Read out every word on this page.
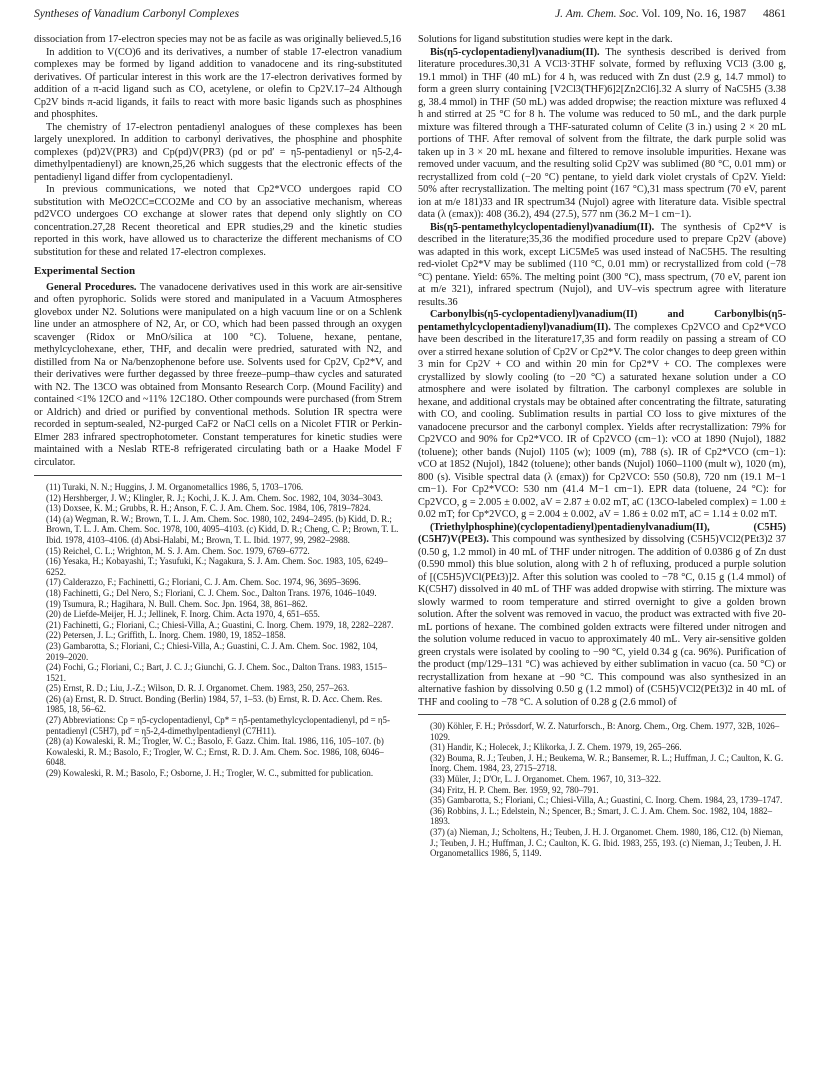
Syntheses of Vanadium Carbonyl Complexes	J. Am. Chem. Soc. Vol. 109, No. 16, 1987 4861

dissociation from 17-electron species may not be as facile as was originally believed.5,16

In addition to V(CO)6 and its derivatives, a number of stable 17-electron vanadium complexes may be formed by ligand addition to vanadocene and its ring-substituted derivatives. Of particular interest in this work are the 17-electron derivatives formed by addition of a π-acid ligand such as CO, acetylene, or olefin to Cp2V.17–24 Although Cp2V binds π-acid ligands, it fails to react with more basic ligands such as phosphines and phosphites.

The chemistry of 17-electron pentadienyl analogues of these complexes has been largely unexplored. In addition to carbonyl derivatives, the phosphine and phosphite complexes (pd)2V(PR3) and Cp(pd)V(PR3) (pd or pd′ = η5-pentadienyl or η5-2,4-dimethylpentadienyl) are known,25,26 which suggests that the electronic effects of the pentadienyl ligand differ from cyclopentadienyl.

In previous communications, we noted that Cp2*VCO undergoes rapid CO substitution with MeO2CC≡CCO2Me and CO by an associative mechanism, whereas pd2VCO undergoes CO exchange at slower rates that depend only slightly on CO concentration.27,28 Recent theoretical and EPR studies,29 and the kinetic studies reported in this work, have allowed us to characterize the different mechanisms of CO substitution for these and related 17-electron complexes.

Experimental Section

General Procedures. The vanadocene derivatives used in this work are air-sensitive and often pyrophoric. Solids were stored and manipulated in a Vacuum Atmospheres glovebox under N2. Solutions were manipulated on a high vacuum line or on a Schlenk line under an atmosphere of N2, Ar, or CO, which had been passed through an oxygen scavenger (Ridox or MnO/silica at 100 °C). Toluene, hexane, pentane, methylcyclohexane, ether, THF, and decalin were predried, saturated with N2, and distilled from Na or Na/benzophenone before use. Solvents used for Cp2V, Cp2*V, and their derivatives were further degassed by three freeze–pump–thaw cycles and saturated with N2. The 13CO was obtained from Monsanto Research Corp. (Mound Facility) and contained <1% 12CO and ~11% 12C18O. Other compounds were purchased (from Strem or Aldrich) and dried or purified by conventional methods. Solution IR spectra were recorded in septum-sealed, N2-purged CaF2 or NaCl cells on a Nicolet FTIR or Perkin-Elmer 283 infrared spectrophotometer. Constant temperatures for kinetic studies were maintained with a Neslab RTE-8 refrigerated circulating bath or a Haake Model F circulator.

(11) Turaki, N. N.; Huggins, J. M. Organometallics 1986, 5, 1703–1706.

(12) Hershberger, J. W.; Klingler, R. J.; Kochi, J. K. J. Am. Chem. Soc. 1982, 104, 3034–3043.

(13) Doxsee, K. M.; Grubbs, R. H.; Anson, F. C. J. Am. Chem. Soc. 1984, 106, 7819–7824.

(14) (a) Wegman, R. W.; Brown, T. L. J. Am. Chem. Soc. 1980, 102, 2494–2495. (b) Kidd, D. R.; Brown, T. L. J. Am. Chem. Soc. 1978, 100, 4095–4103. (c) Kidd, D. R.; Cheng, C. P.; Brown, T. L. Ibid. 1978, 4103–4106. (d) Absi-Halabi, M.; Brown, T. L. Ibid. 1977, 99, 2982–2988.

(15) Reichel, C. L.; Wrighton, M. S. J. Am. Chem. Soc. 1979, 6769–6772.

(16) Yesaka, H.; Kobayashi, T.; Yasufuki, K.; Nagakura, S. J. Am. Chem. Soc. 1983, 105, 6249–6252.

(17) Calderazzo, F.; Fachinetti, G.; Floriani, C. J. Am. Chem. Soc. 1974, 96, 3695–3696.

(18) Fachinetti, G.; Del Nero, S.; Floriani, C. J. Chem. Soc., Dalton Trans. 1976, 1046–1049.

(19) Tsumura, R.; Hagihara, N. Bull. Chem. Soc. Jpn. 1964, 38, 861–862.

(20) de Liefde-Meijer, H. J.; Jellinek, F. Inorg. Chim. Acta 1970, 4, 651–655.

(21) Fachinetti, G.; Floriani, C.; Chiesi-Villa, A.; Guastini, C. Inorg. Chem. 1979, 18, 2282–2287.

(22) Petersen, J. L.; Griffith, L. Inorg. Chem. 1980, 19, 1852–1858.

(23) Gambarotta, S.; Floriani, C.; Chiesi-Villa, A.; Guastini, C. J. Am. Chem. Soc. 1982, 104, 2019–2020.

(24) Fochi, G.; Floriani, C.; Bart, J. C. J.; Giunchi, G. J. Chem. Soc., Dalton Trans. 1983, 1515–1521.

(25) Ernst, R. D.; Liu, J.-Z.; Wilson, D. R. J. Organomet. Chem. 1983, 250, 257–263.

(26) (a) Ernst, R. D. Struct. Bonding (Berlin) 1984, 57, 1–53. (b) Ernst, R. D. Acc. Chem. Res. 1985, 18, 56–62.

(27) Abbreviations: Cp = η5-cyclopentadienyl, Cp* = η5-pentamethylcyclopentadienyl, pd = η5-pentadienyl (C5H7), pd′ = η5-2,4-dimethylpentadienyl (C7H11).

(28) (a) Kowaleski, R. M.; Trogler, W. C.; Basolo, F. Gazz. Chim. Ital. 1986, 116, 105–107. (b) Kowaleski, R. M.; Basolo, F.; Trogler, W. C.; Ernst, R. D. J. Am. Chem. Soc. 1986, 108, 6046–6048.

(29) Kowaleski, R. M.; Basolo, F.; Osborne, J. H.; Trogler, W. C., submitted for publication.

Solutions for ligand substitution studies were kept in the dark.

Bis(η5-cyclopentadienyl)vanadium(II). The synthesis described is derived from literature procedures.30,31 A VCl3·3THF solvate, formed by refluxing VCl3 (3.00 g, 19.1 mmol) in THF (40 mL) for 4 h, was reduced with Zn dust (2.9 g, 14.7 mmol) to form a green slurry containing [V2Cl3(THF)6]2[Zn2Cl6].32 A slurry of NaC5H5 (3.38 g, 38.4 mmol) in THF (50 mL) was added dropwise; the reaction mixture was refluxed 4 h and stirred at 25 °C for 8 h. The volume was reduced to 50 mL, and the dark purple mixture was filtered through a THF-saturated column of Celite (3 in.) using 2 × 20 mL portions of THF. After removal of solvent from the filtrate, the dark purple solid was taken up in 3 × 20 mL hexane and filtered to remove insoluble impurities. Hexane was removed under vacuum, and the resulting solid Cp2V was sublimed (80 °C, 0.01 mm) or recrystallized from cold (−20 °C) pentane, to yield dark violet crystals of Cp2V. Yield: 50% after recrystallization. The melting point (167 °C),31 mass spectrum (70 eV, parent ion at m/e 181)33 and IR spectrum34 (Nujol) agree with literature data. Visible spectral data (λ (εmax)): 408 (36.2), 494 (27.5), 577 nm (36.2 M−1 cm−1).

Bis(η5-pentamethylcyclopentadienyl)vanadium(II). The synthesis of Cp2*V is described in the literature;35,36 the modified procedure used to prepare Cp2V (above) was adapted in this work, except LiC5Me5 was used instead of NaC5H5. The resulting red-violet Cp2*V may be sublimed (110 °C, 0.01 mm) or recrystallized from cold (−78 °C) pentane. Yield: 65%. The melting point (300 °C), mass spectrum, (70 eV, parent ion at m/e 321), infrared spectrum (Nujol), and UV–vis spectrum agree with literature results.36

Carbonylbis(η5-cyclopentadienyl)vanadium(II) and Carbonylbis(η5-pentamethylcyclopentadienyl)vanadium(II). The complexes Cp2VCO and Cp2*VCO have been described in the literature17,35 and form readily on passing a stream of CO over a stirred hexane solution of Cp2V or Cp2*V. The color changes to deep green within 3 min for Cp2V + CO and within 20 min for Cp2*V + CO. The complexes were crystallized by slowly cooling (to −20 °C) a saturated hexane solution under a CO atmosphere and were isolated by filtration. The carbonyl complexes are soluble in hexane, and additional crystals may be obtained after concentrating the filtrate, saturating with CO, and cooling. Sublimation results in partial CO loss to give mixtures of the vanadocene precursor and the carbonyl complex. Yields after recrystallization: 79% for Cp2VCO and 90% for Cp2*VCO. IR of Cp2VCO (cm−1): νCO at 1890 (Nujol), 1882 (toluene); other bands (Nujol) 1105 (w); 1009 (m), 788 (s). IR of Cp2*VCO (cm−1): νCO at 1852 (Nujol), 1842 (toluene); other bands (Nujol) 1060–1100 (mult w), 1020 (m), 800 (s). Visible spectral data (λ (εmax)) for Cp2VCO: 550 (50.8), 720 nm (19.1 M−1 cm−1). For Cp2*VCO: 530 nm (41.4 M−1 cm−1). EPR data (toluene, 24 °C): for Cp2VCO, g = 2.005 ± 0.002, aV = 2.87 ± 0.02 mT, aC (13CO-labeled complex) = 1.00 ± 0.02 mT; for Cp*2VCO, g = 2.004 ± 0.002, aV = 1.86 ± 0.02 mT, aC = 1.14 ± 0.02 mT.

(Triethylphosphine)(cyclopentadienyl)pentadienylvanadium(II), (C5H5)(C5H7)V(PEt3). This compound was synthesized by dissolving (C5H5)VCl2(PEt3)2 37 (0.50 g, 1.2 mmol) in 40 mL of THF under nitrogen. The addition of 0.0386 g of Zn dust (0.590 mmol) this blue solution, along with 2 h of refluxing, produced a purple solution of [(C5H5)VCl(PEt3)]2. After this solution was cooled to −78 °C, 0.15 g (1.4 mmol) of K(C5H7) dissolved in 40 mL of THF was added dropwise with stirring. The mixture was slowly warmed to room temperature and stirred overnight to give a golden brown solution. After the solvent was removed in vacuo, the product was extracted with five 20-mL portions of hexane. The combined golden extracts were filtered under nitrogen and the solution volume reduced in vacuo to approximately 40 mL. Very air-sensitive golden green crystals were isolated by cooling to −90 °C, yield 0.34 g (ca. 96%). Purification of the product (mp/129–131 °C) was achieved by either sublimation in vacuo (ca. 50 °C) or recrystallization from hexane at −90 °C. This compound was also synthesized in an alternative fashion by dissolving 0.50 g (1.2 mmol) of (C5H5)VCl2(PEt3)2 in 40 mL of THF and cooling to −78 °C. A solution of 0.28 g (2.6 mmol) of

(30) Köhler, F. H.; Prössdorf, W. Z. Naturforsch., B: Anorg. Chem., Org. Chem. 1977, 32B, 1026–1029.

(31) Handir, K.; Holecek, J.; Klikorka, J. Z. Chem. 1979, 19, 265–266.

(32) Bouma, R. J.; Teuben, J. H.; Beukema, W. R.; Bansemer, R. L.; Huffman, J. C.; Caulton, K. G. Inorg. Chem. 1984, 23, 2715–2718.

(33) Müler, J.; D'Or, L. J. Organomet. Chem. 1967, 10, 313–322.

(34) Fritz, H. P. Chem. Ber. 1959, 92, 780–791.

(35) Gambarotta, S.; Floriani, C.; Chiesi-Villa, A.; Guastini, C. Inorg. Chem. 1984, 23, 1739–1747.

(36) Robbins, J. L.; Edelstein, N.; Spencer, B.; Smart, J. C. J. Am. Chem. Soc. 1982, 104, 1882–1893.

(37) (a) Nieman, J.; Scholtens, H.; Teuben, J. H. J. Organomet. Chem. 1980, 186, C12. (b) Nieman, J.; Teuben, J. H.; Huffman, J. C.; Caulton, K. G. Ibid. 1983, 255, 193. (c) Nieman, J.; Teuben, J. H. Organometallics 1986, 5, 1149.
